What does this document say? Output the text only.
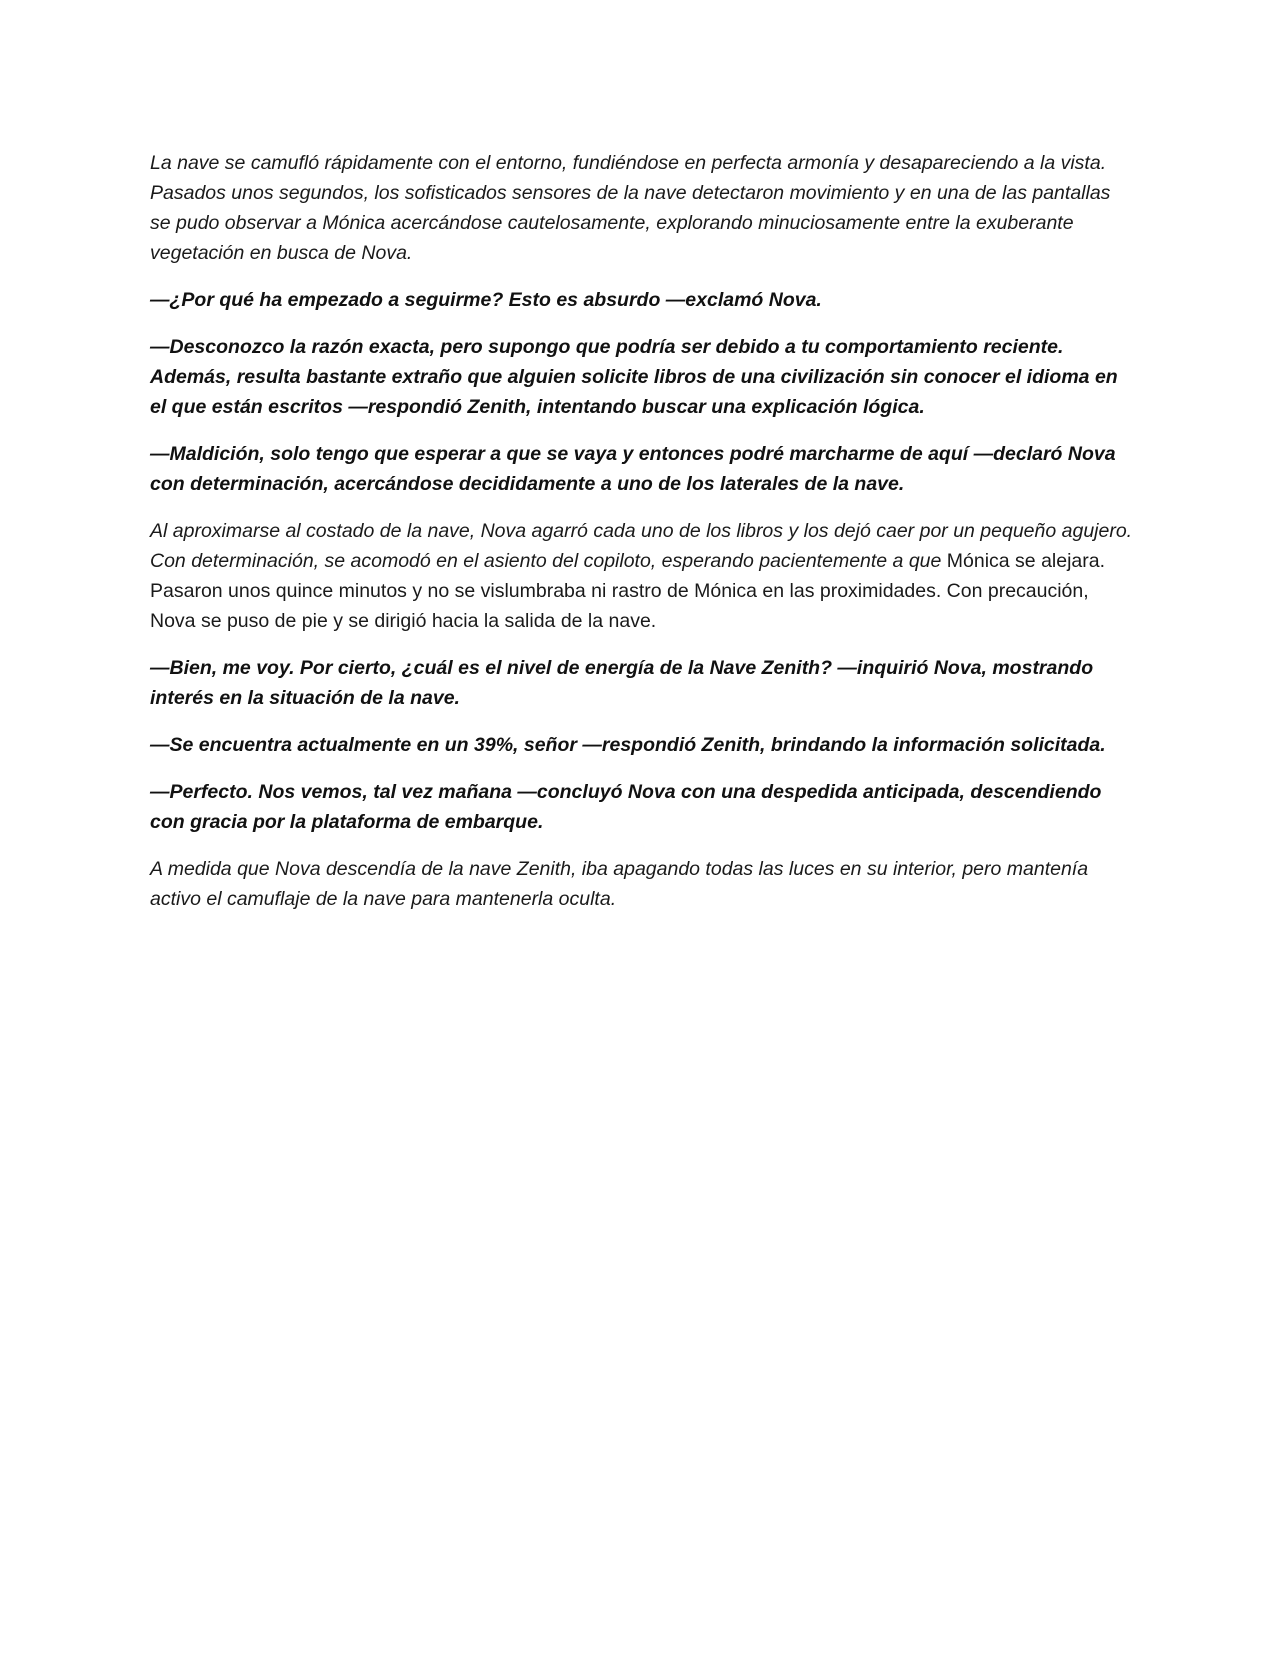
La nave se camufló rápidamente con el entorno, fundiéndose en perfecta armonía y desapareciendo a la vista. Pasados unos segundos, los sofisticados sensores de la nave detectaron movimiento y en una de las pantallas se pudo observar a Mónica acercándose cautelosamente, explorando minuciosamente entre la exuberante vegetación en busca de Nova.

—¿Por qué ha empezado a seguirme? Esto es absurdo —exclamó Nova.

—Desconozco la razón exacta, pero supongo que podría ser debido a tu comportamiento reciente. Además, resulta bastante extraño que alguien solicite libros de una civilización sin conocer el idioma en el que están escritos —respondió Zenith, intentando buscar una explicación lógica.

—Maldición, solo tengo que esperar a que se vaya y entonces podré marcharme de aquí —declaró Nova con determinación, acercándose decididamente a uno de los laterales de la nave.

Al aproximarse al costado de la nave, Nova agarró cada uno de los libros y los dejó caer por un pequeño agujero. Con determinación, se acomodó en el asiento del copiloto, esperando pacientemente a que Mónica se alejara. Pasaron unos quince minutos y no se vislumbraba ni rastro de Mónica en las proximidades. Con precaución, Nova se puso de pie y se dirigió hacia la salida de la nave.

—Bien, me voy. Por cierto, ¿cuál es el nivel de energía de la Nave Zenith? —inquirió Nova, mostrando interés en la situación de la nave.

—Se encuentra actualmente en un 39%, señor —respondió Zenith, brindando la información solicitada.

—Perfecto. Nos vemos, tal vez mañana —concluyó Nova con una despedida anticipada, descendiendo con gracia por la plataforma de embarque.

A medida que Nova descendía de la nave Zenith, iba apagando todas las luces en su interior, pero mantenía activo el camuflaje de la nave para mantenerla oculta.
